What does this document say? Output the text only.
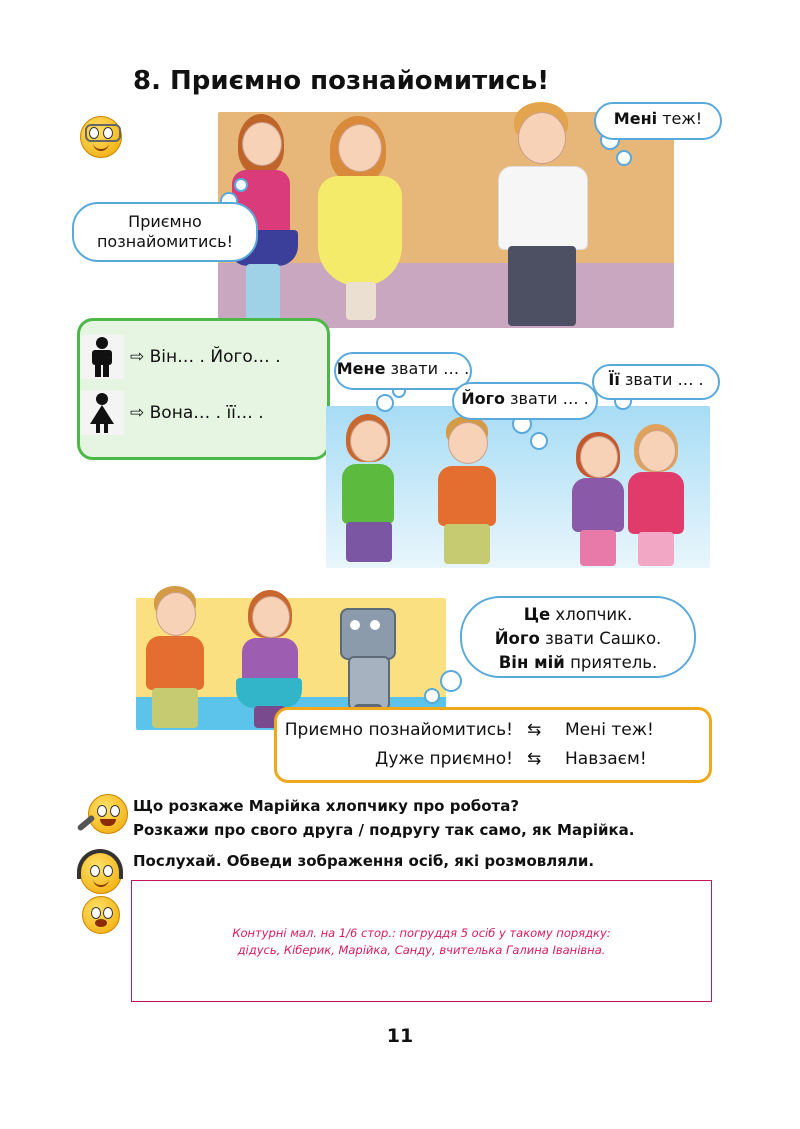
8. Приємно познайомитись!
Приємно
познайомитись!
Мені теж!
⇨ Він… . Його… .
⇨ Вона… . її… .
Мене звати … .
Його звати … .
Її звати … .
Це хлопчик.
Його звати Сашко.
Він мій приятель.
Приємно познайомитись! ⇆ Мені теж!
Дуже приємно! ⇆ Навзаєм!
Що розкаже Марійка хлопчику про робота?
Розкажи про свого друга / подругу так само, як Марійка.
Послухай. Обведи зображення осіб, які розмовляли.
Контурні мал. на 1/6 стор.: погруддя 5 осіб у такому порядку:
дідусь, Кіберик, Марійка, Санду, вчителька Галина Іванівна.
11
